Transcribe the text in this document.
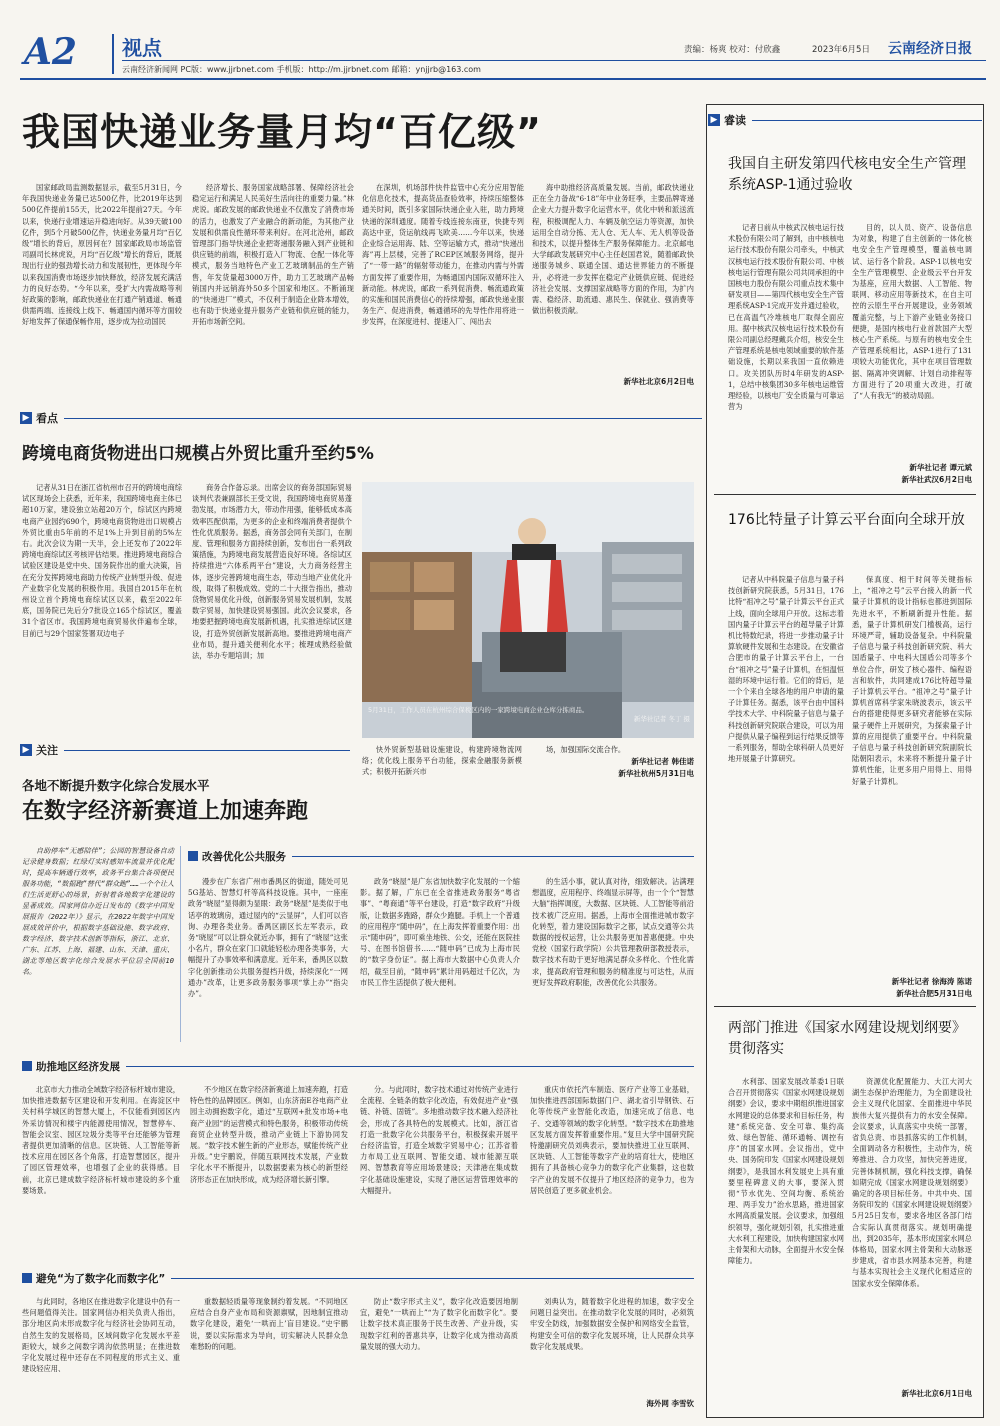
A2 视点	责编：杨爽 校对：付欣鑫	2023年6月5日 云南经济日报
云南经济新闻网 PC版：www.jjrbnet.com 手机版：http://m.jjrbnet.com 邮箱：ynjjrb@163.com
我国快递业务量月均“百亿级”
国家邮政局监测数据显示，截至5月31日，今年我国快递业务量已达500亿件，比2019年达到500亿件提前155天，比2022年提前27天。今年以来，快递行业增速运升稳进向好。从39天破100亿件，到5个月破500亿件，快递业务量月均“百亿级”增长的背后，原因何在？国家邮政局市场监管司副司长林虎说，月均“百亿级”增长的背后，既展现出行业的强劲增长动力和发展韧性，更体现今年以来我国消费市场逐步加快释放，经济发展充满活力的良好态势。“今年以来，受扩大内需战略等利好政策的影响，邮政快递业在打通产销通道、畅通供需两端、连接线上线下、畅通国内循环等方面较好地发挥了保通保畅作用，逐步成为拉动国民
经济增长、服务国家战略部署、保障经济社会稳定运行和满足人民美好生活向往的重要力量。”林虎说。邮政发展的邮政快递业不仅激发了消费市场的活力，也激发了产业融合的新动能，为其他产业发展和供需良性循环带来利好。在河北沧州，邮政管理部门指导快递企业把寄递服务融入到产业链和供应链的前端，积极打造入厂物流、仓配一体化等模式，服务当地特色产业工艺玻璃制品的生产销售，年发货量超3000万件，助力工艺玻璃产品畅销国内并远销海外50多个国家和地区。不断涌现的“快递进厂”模式，不仅利于制造企业降本增效，也有助于快递业提升服务产业链和供应链的能力，开拓市场新空间。
在深圳，机场部件快件监管中心充分应用智能化信息化技术，提高货品查验效率，持续压缩整体通关时间，既引多家国际快递企业入驻，助力跨境快递的深圳通度。随着专线连接东南亚，快捷专列高达中亚，货运航线再飞欧美……今年以来，快递企业综合运用海、陆、空等运输方式，推动“快递出海”再上层楼，完善了RCEP区域服务网络，提升了“一带一路”的辐射带动能力，在推动内需与外需方面发挥了重要作用，为畅通国内国际双循环注入新动能。林虎说，邮政一系列促消费、畅流通政策的实施和国民消费信心的持续增强，邮政快递业服务生产、促进消费，畅通循环的先导性作用将进一步发挥，在深度进村、提速入厂、闯出去
海中助推经济高质量发展。当前，邮政快递业正在全力备战“6·18”年中业务旺季，主要品牌寄递企业大力提升数字化运营水平，优化中转和派送流程，积极调配人力、车辆及航空运力等资源，加快运用全自动分拣、无人仓、无人车、无人机等设备和技术，以提升整体生产服务保障能力。北京邮电大学邮政发展研究中心主任赵国君说，随着邮政快递服务城乡、联通全国、通达世界能力的不断提升，必将进一步发挥在稳定产业链供应链、促进经济社会发展、支撑国家战略等方面的作用，为扩内需、稳经济、助流通、惠民生、保就业、强消费等做出积极贡献。
新华社北京6月2日电
▶ 看点
跨境电商货物进出口规模占外贸比重升至约5%
记者从31日在浙江省杭州市召开的跨境电商综试区现场会上获悉，近年来，我国跨境电商主体已超10万家，建设独立站超20万个，综试区内跨境电商产业园约690个，跨境电商货物进出口规模占外贸比重由5年前的不足1%上升到目前的5%左右。此次会议为期一天半，会上还发布了2022年跨境电商综试区考核评估结果。推进跨境电商综合试验区建设是党中央、国务院作出的重大决策，旨在充分发挥跨境电商助力传统产业转型升级、促进产业数字化发展的积极作用。我国自2015年在杭州设立首个跨境电商综试区以来，截至2022年底，国务院已先后分7批设立165个综试区，覆盖31个省区市。我国跨境电商贸易伙伴遍布全球，目前已与29个国家签署双边电子
商务合作备忘录。出席会议的商务部国际贸易谈判代表兼副部长王受文说，我国跨境电商贸易蓬勃发展，市场潜力大，带动作用强，能够低成本高效率匹配供需，为更多的企业和终端消费者提供个性化优质服务。据悉，商务部会同有关部门，在制度、管理和服务方面持续创新，发布出台一系列政策措施，为跨境电商发展营造良好环境。各综试区持续推进“六体系两平台”建设，大力商务经营主体，逐步完善跨境电商生态，带动当地产业优化升级，取得了积极成效。党的二十大报告指出，推动货物贸易优化升级，创新服务贸易发展机制，发展数字贸易，加快建设贸易强国。此次会议要求，各地要把握跨境电商发展新机遇，扎实推进综试区建设，打造外贸创新发展新高地。要推进跨境电商产业布局，提升通关便利化水平；梳理成熟经验做法，举办专题培训；加
5月31日，工作人员在杭州综合保税区内的一家跨境电商企业仓库分拣商品。
新华社记者 冬丁 摄
快外贸新型基础设施建设，构建跨境物流网络；优化线上服务平台功能，探索金融服务新模式；积极开拓新兴市
场，加强国际交流合作。
新华社记者 韩佳诺
新华社杭州5月31日电
▶ 关注
各地不断提升数字化综合发展水平
在数字经济新赛道上加速奔跑
自助停车“无感陪伴”；公园的智慧设备自动记录健身数据；红绿灯实时感知车流量并优化配时，提高车辆通行效率，政务平台集合各项便民服务功能，“数据跑”替代“群众跑”……一个个让人们生活更舒心的场景，折射着各地数字化建设的显著成效。国家网信办近日发布的《数字中国发展报告（2022年）》显示，在2022年数字中国发展成效评价中，根据数字基础设施、数字政府、数字经济、数字技术创新等指标，浙江、北京、广东、江苏、上海、福建、山东、天津、重庆、湖北等地区数字化综合发展水平位居全国前10名。
改善优化公共服务
漫步在广东省广州市番禺区的街道，随处可见5G基站、智慧灯杆等高科技设施。其中，一座座政务“晓屋”显得颇为显眼：政务“晓屋”是类似于电话亭的玻璃房，通过屋内的“云显屏”，人们可以咨询、办理各类业务。番禺区副区长左军表示，政务“晓屋”可以让群众就近办事，拥有了“晓屋”这张小名片，群众在家门口就能轻松办理各类事务，大幅提升了办事效率和满意度。近年来，番禺区以数字化创新推动公共服务提档升级，持续深化“一网通办”改革，让更多政务服务事项“掌上办”“指尖办”。
政务“晓屋”是广东省加快数字化发展的一个缩影。据了解，广东已在全省推进政务服务“粤省事”、“粤商通”等平台建设，打造“数字政府”升级版，让数据多跑路，群众少跑腿。手机上一个普通的应用程序“随申码”，在上海发挥着重要作用：出示“随申码”，即可乘坐地铁、公交，还能在医院挂号、在图书馆借书……“随申码”已成为上海市民的“数字身份证”。据上海市大数据中心负责人介绍，截至目前，“随申码”累计用码超过千亿次，为市民工作生活提供了极大便利。
的生活小事，就认真对待，细致解决。沾满理想温度，应用程序、终端显示屏等，由一个个“智慧大脑”指挥调度，大数据、区块链、人工智能等前沿技术被广泛应用。据悉，上海市全面推进城市数字化转型，着力建设国际数字之都，试点交通等公共数据的授权运营，让公共服务更加普惠便捷。中央党校（国家行政学院）公共管理教研部教授表示，数字技术有助于更好地满足群众多样化、个性化需求，提高政府管理和服务的精准度与可达性，从而更好发挥政府职能，改善优化公共服务。
助推地区经济发展
北京市大力推动全域数字经济标杆城市建设，加快推进数据专区建设和开发利用。在海淀区中关村科学城区的智慧大厦上，不仅能看到园区内外采访情况和楼宇内能源使用情况，智慧停车、智能会议室、园区垃圾分类等平台还能够为管理者提供更加清晰的信息。区块链、人工智能等新技术应用在园区各个角落，打造智慧园区，提升了园区管理效率，也增强了企业的获得感。目前，北京已建成数字经济标杆城市建设的多个重要场景。
不少地区在数字经济新赛道上加速奔跑，打造特色性的品牌园区。例如，山东济南E谷电商产业园主动拥抱数字化，通过“互联网+批发市场+电商产业园”的运营模式和特色服务，积极带动传统商贸企业转型升级，推动产业链上下游协同发展。“数字技术催生新的产业形态，赋能传统产业升级。”史宇鹏说，伴随互联网技术发展，产业数字化水平不断提升，以数据要素为核心的新型经济形态正在加快形成，成为经济增长新引擎。
分。与此同时，数字技术通过对传统产业进行全流程、全链条的数字化改造，有效促进产业“强链、补链、固链”。多地推动数字技术融入经济社会，形成了各具特色的发展模式。比如，浙江省打造一批数字化公共服务平台，积极探索开展平台经济监管，打造全域数字贸易中心；江苏省着力布局工业互联网、智能交通、城市能源互联网、智慧教育等应用场景建设；天津港在集成数字化基础设施建设，实现了港区运营管理效率的大幅提升。
重庆市依托汽车制造、医疗产业等工业基础，加快推进西部国际数据门户、湖北省引导钢铁、石化等传统产业智能化改造，加速完成了信息、电子、交通等领域的数字化转型。“数字技术在助推地区发展方面发挥着重要作用。”复旦大学中国研究院特邀副研究员刘典表示，要加快推进工业互联网、区块链、人工智能等数字产业的培育壮大，使地区拥有了具备核心竞争力的数字化产业集群，这也数字产业的发展不仅提升了地区经济的竞争力，也为居民创造了更多就业机会。
避免“为了数字化而数字化”
与此同时，各地区在推进数字化建设中仍有一些问题值得关注。国家网信办相关负责人指出，部分地区尚未形成数字化与经济社会协同互动，自然生发的发展格局，区域间数字化发展水平差距较大，城乡之间数字鸿沟依然明显；在推进数字化发展过程中还存在不同程度的形式主义、重建设轻应用、
重数据轻质量等现象制约着发展。“不同地区应结合自身产业布局和资源禀赋，因地制宜推动数字化建设，避免‘一哄而上’盲目建设。”史宇鹏说，要以实际需求为导向，切实解决人民群众急难愁盼的问题。
防止“数字形式主义”，数字化改造要因地制宜，避免“一哄而上”“为了数字化而数字化”。要让数字技术真正服务于民生改善、产业升级，实现数字红利的普惠共享，让数字化成为推动高质量发展的强大动力。
刘典认为，随着数字化进程的加速，数字安全问题日益突出。在推动数字化发展的同时，必须筑牢安全防线，加强数据安全保护和网络安全监管，构建安全可信的数字化发展环境，让人民群众共享数字化发展成果。
海外网 李雪钦
▶ 睿读
我国自主研发第四代核电安全生产管理系统ASP-1通过验收
记者日前从中核武汉核电运行技术股份有限公司了解到，由中核核电运行技术股份有限公司牵头，中核武汉核电运行技术股份有限公司、中核核电运行管理有限公司共同承担的中国核电力股份有限公司重点技术集中研发项目——第四代核电安全生产管理系统ASP-1完成开发并通过验收，已在高温气冷堆核电厂取得全面应用。据中核武汉核电运行技术股份有限公司副总经理戴兵介绍，核安全生产管理系统是核电领域重要的软件基础设施，长期以来我国一直依赖进口。攻关团队历时4年研发的ASP-1，总结中核集团30多年核电运维管理经验，以核电厂安全质量与可靠运营为
目的，以人员、资产、设备信息为对象，构建了自主创新的一体化核电安全生产管理模型，覆盖核电调试、运行各个阶段。ASP-1以核电安全生产管理模型、企业级云平台开发为基座，应用大数据、人工智能、物联网、移动应用等新技术，在自主可控的云原生平台开展建设，业务领域覆盖完整，与上下游产业链业务接口便捷，是国内核电行业首款国产大型核心生产系统。与原有的核电安全生产管理系统相比，ASP-1进行了131项较大功能优化，其中在项目管理数据、隔离冲突调解、计划自动排程等方面进行了20项重大改进，打破了“人有我无”的被动局面。
新华社记者 谭元斌
新华社武汉6月2日电
176比特量子计算云平台面向全球开放
记者从中科院量子信息与量子科技创新研究院获悉，5月31日，176比特“祖冲之号”量子计算云平台正式上线，面向全球用户开放。这标志着国内量子计算云平台的超导量子计算机比特数纪录，将进一步推动量子计算软硬件发展和生态建设。在安徽省合肥市的量子计算云平台上，一台台“祖冲之号”量子计算机，在恒温恒湿的环境中运行着。它们的背后，是一个个来自全球各地的用户申请的量子计算任务。据悉，该平台由中国科学技术大学、中科院量子信息与量子科技创新研究院联合建设，可以为用户提供从量子编程到运行结果反馈等一系列服务，帮助全球科研人员更好地开展量子计算研究。
保真度、相干时间等关键指标上，“祖冲之号”云平台接入的新一代量子计算机的设计指标也都进到国际先进水平，不断刷新提升性能。据悉，量子计算机研发门槛极高，运行环境严苛，辅助设备复杂。中科院量子信息与量子科技创新研究院、科大国盾量子、中电科大国盾公司等多个单位合作，研发了核心器件、编程语言和软件，共同建成176比特超导量子计算机云平台。“祖冲之号”量子计算机首席科学家朱晓波表示，该云平台的搭建使得更多研究者能够在实际量子硬件上开展研究，为探索量子计算的应用提供了重要平台。中科院量子信息与量子科技创新研究院副院长陆朝阳表示，未来将不断提升量子计算机性能，让更多用户用得上、用得好量子计算机。
新华社记者 徐海涛 陈诺
新华社合肥5月31日电
两部门推进《国家水网建设规划纲要》贯彻落实
水利部、国家发展改革委1日联合召开贯彻落实《国家水网建设规划纲要》会议，要求中期组织推进国家水网建设的总体要求和目标任务，构建“系统完备、安全可靠、集约高效、绿色智能、循环通畅、调控有序”的国家水网。会议指出，党中央、国务院印发《国家水网建设规划纲要》，是我国水利发展史上具有重要里程碑意义的大事，要深入贯彻“节水优先、空间均衡、系统治理、两手发力”治水思路，推进国家水网高质量发展。会议要求，加强组织领导，强化规划引领，扎实推进重大水利工程建设，加快构建国家水网主骨架和大动脉，全面提升水安全保障能力。
资源优化配置能力、大江大河大湖生态保护治理能力，为全面建设社会主义现代化国家、全面推进中华民族伟大复兴提供有力的水安全保障。会议要求，认真落实中央统一部署，省负总责、市县抓落实的工作机制，全面调动各方积极性，主动作为，统筹推进、合力攻坚，加快完善进度，完善体制机制，强化科技支撑，确保如期完成《国家水网建设规划纲要》确定的各项目标任务。中共中央、国务院印发的《国家水网建设规划纲要》5月25日发布，要求各地区各部门结合实际认真贯彻落实。规划明确提出，到2035年，基本形成国家水网总体格局，国家水网主骨架和大动脉逐步建成，省市县水网基本完善，构建与基本实现社会主义现代化相适应的国家水安全保障体系。
新华社北京6月1日电
